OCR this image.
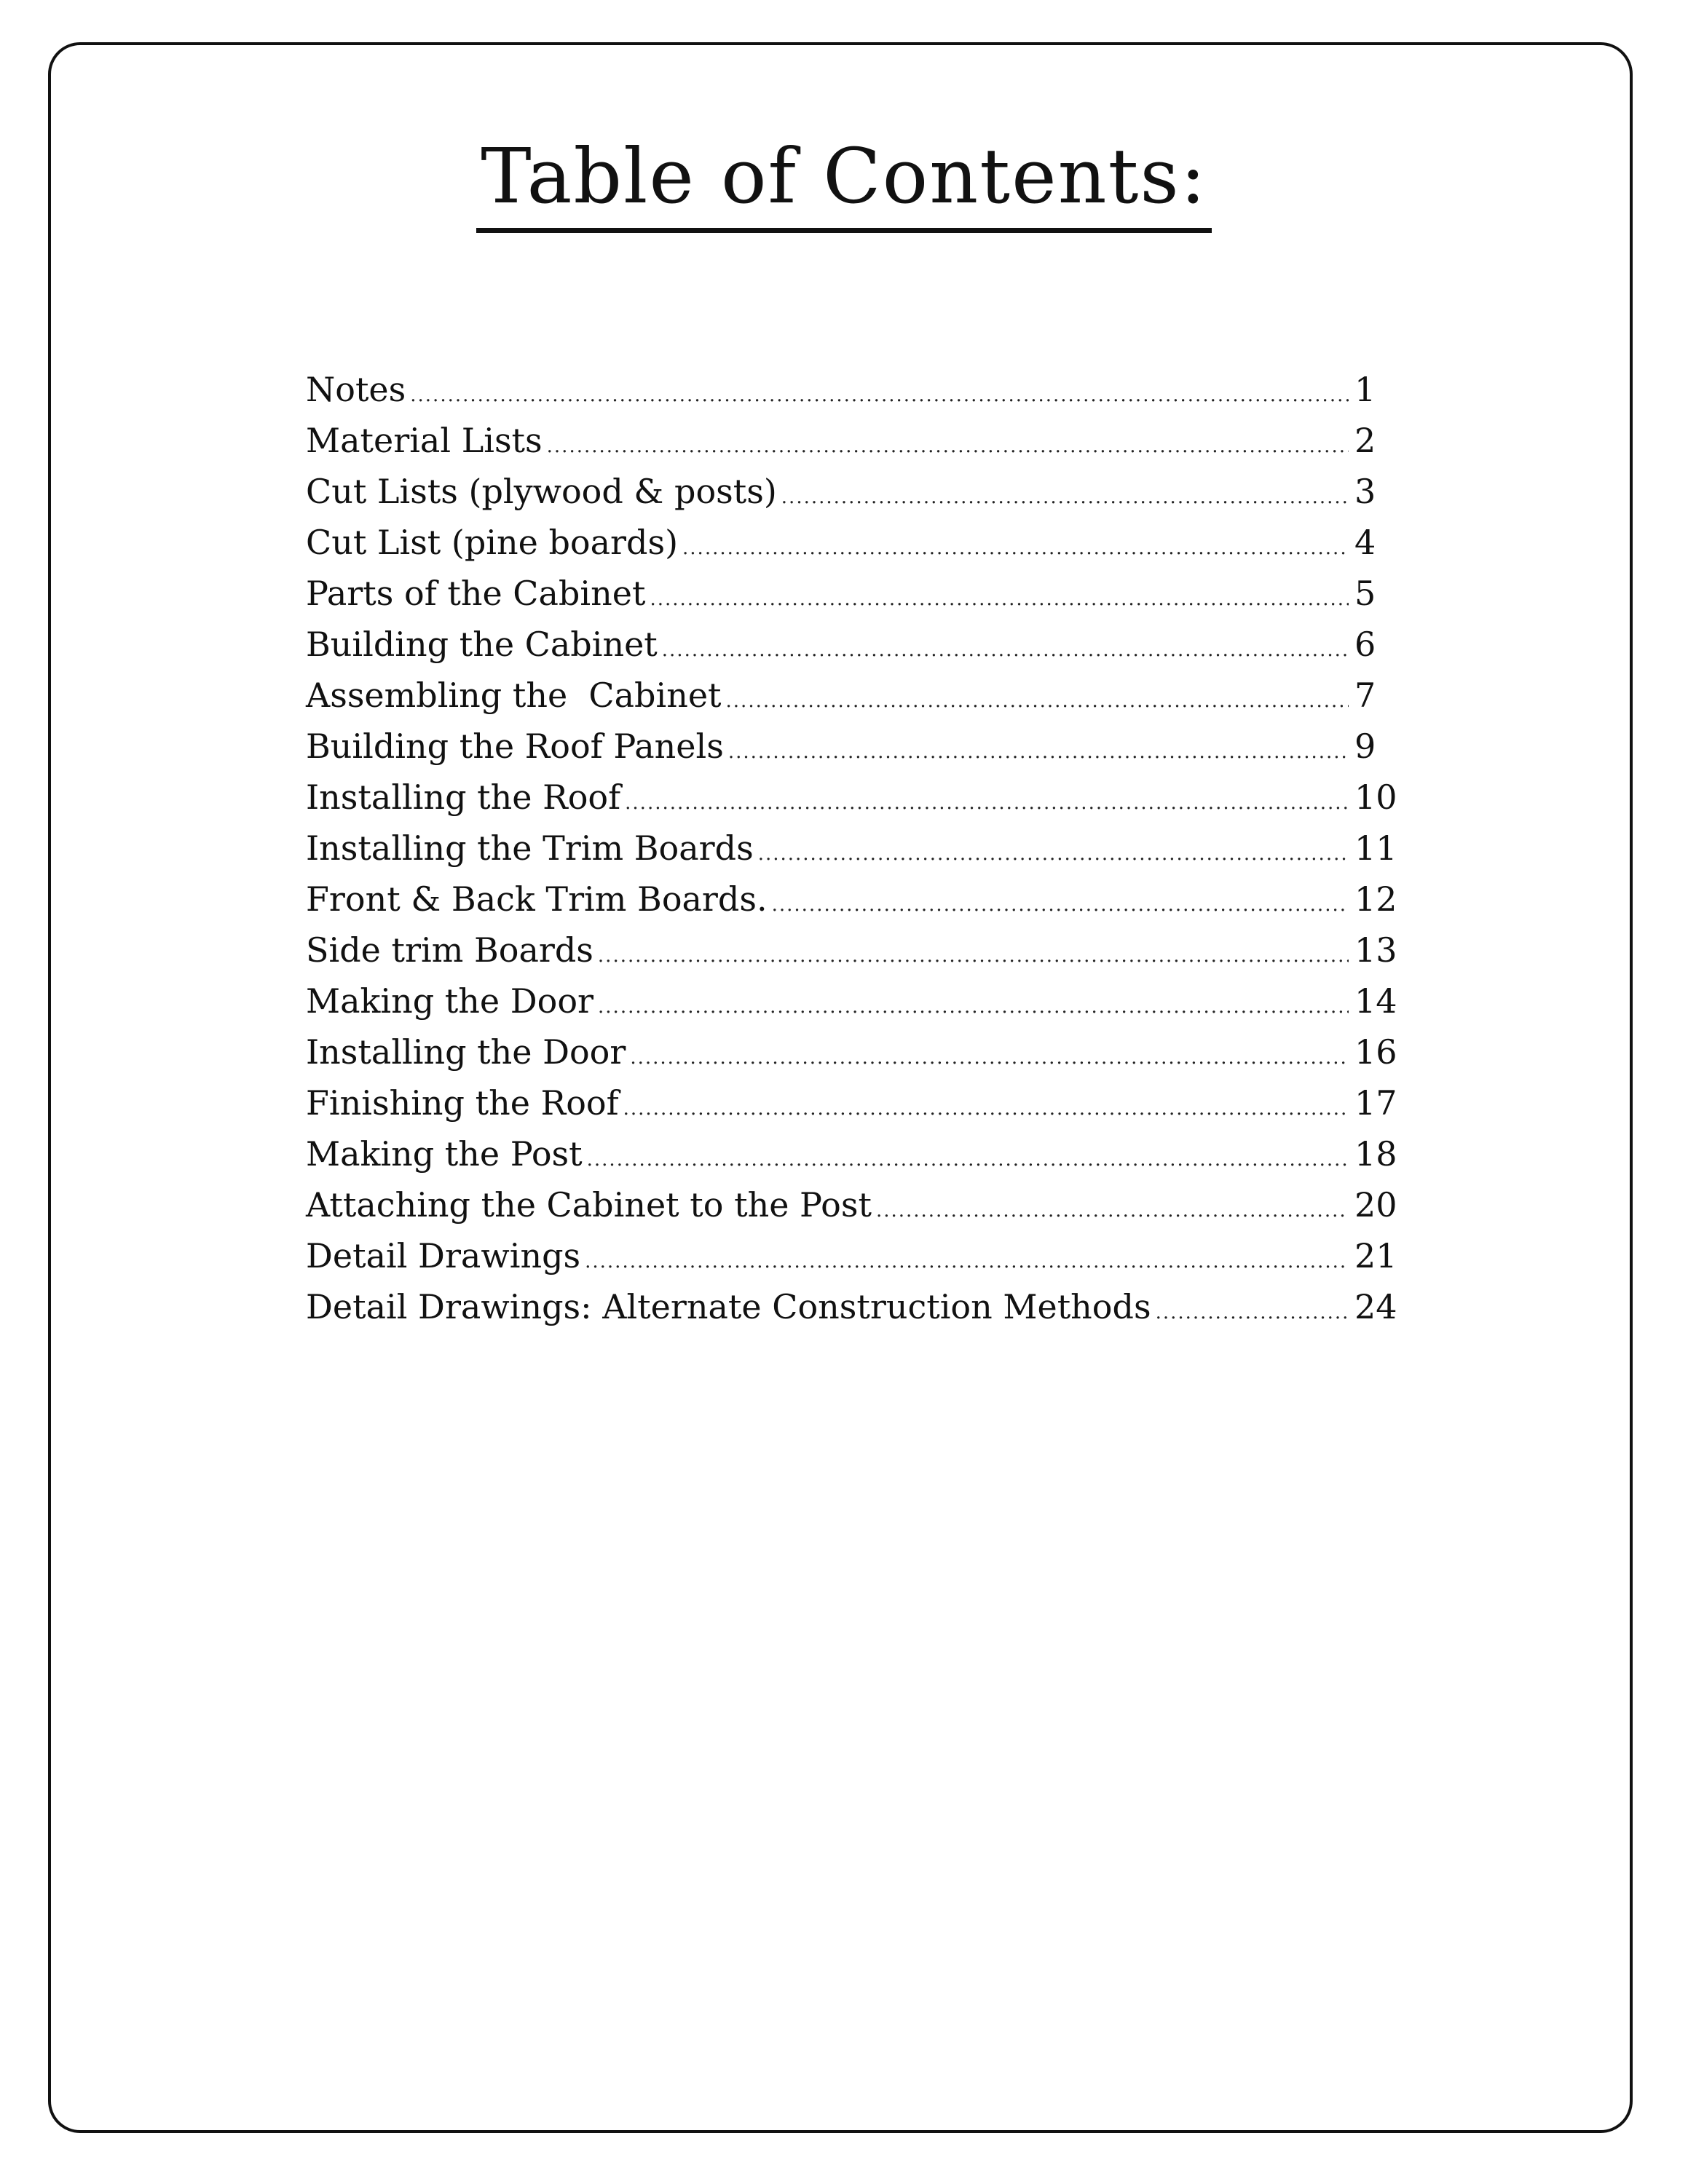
Table of Contents:
Notes .....	1
Material Lists .....	2
Cut Lists (plywood & posts) .....	3
Cut List (pine boards) .....	4
Parts of the Cabinet .....	5
Building the Cabinet .....	6
Assembling the  Cabinet .....	7
Building the Roof Panels .....	9
Installing the Roof .....	10
Installing the Trim Boards .....	11
Front & Back Trim Boards. .....	12
Side trim Boards .....	13
Making the Door .....	14
Installing the Door .....	16
Finishing the Roof .....	17
Making the Post .....	18
Attaching the Cabinet to the Post .....	20
Detail Drawings .....	21
Detail Drawings: Alternate Construction Methods .....	24
